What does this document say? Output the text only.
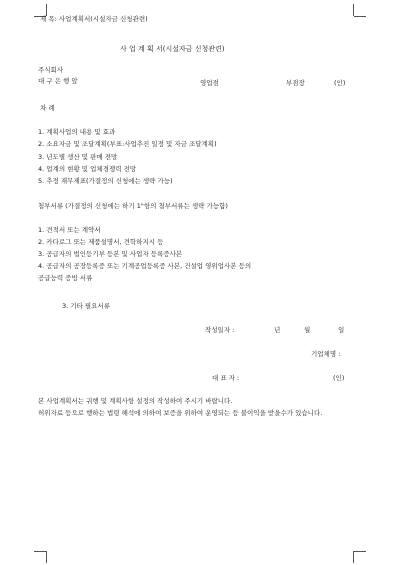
제 목: 사업계획서(시설자금 신청관련)
사 업 계 획 서(시설자금 신청관련)
주식회사
대 구 은 행 앞	영업점	부점장	(인)
차 례
1. 계획사업의 내용 및 효과
2. 소요자금 및 조달계획(부표:사업추진 일정 및 자금 조달계획)
3. 년도별 생산 및 판매 전망
4. 업계의 현황 및 업체경쟁력 전망
5. 추정 재무제표(가결정의 신청에는 생략 가능)
첨부서류 (가결정의 신청에는 하기 1"항의 첨부서류는 생략 가능함)
1. 견적서 또는 계약서
2. 카다로그 또는 제품설명서, 견학하지시 등
3. 공급자의 법인등기부 등본 및 사업자 등록증사본
4. 공급자의 공장등록증 또는 기계공업등록증 사본, 건설업 영위업사본 등의
공급능력 증빙 서류
3. 기타 필요서류
작성일자 :	년	월	일
기업체명 :
대 표 자 :	(인)
본 사업계획서는 귀행 및 계획사항 설정의 작성하여 주시기 바랍니다.
허위자료 등으로 행하는 법령 해석에 의하여 보증을 위하여 운영되는 등 불이익을 받을수가 있습니다.
